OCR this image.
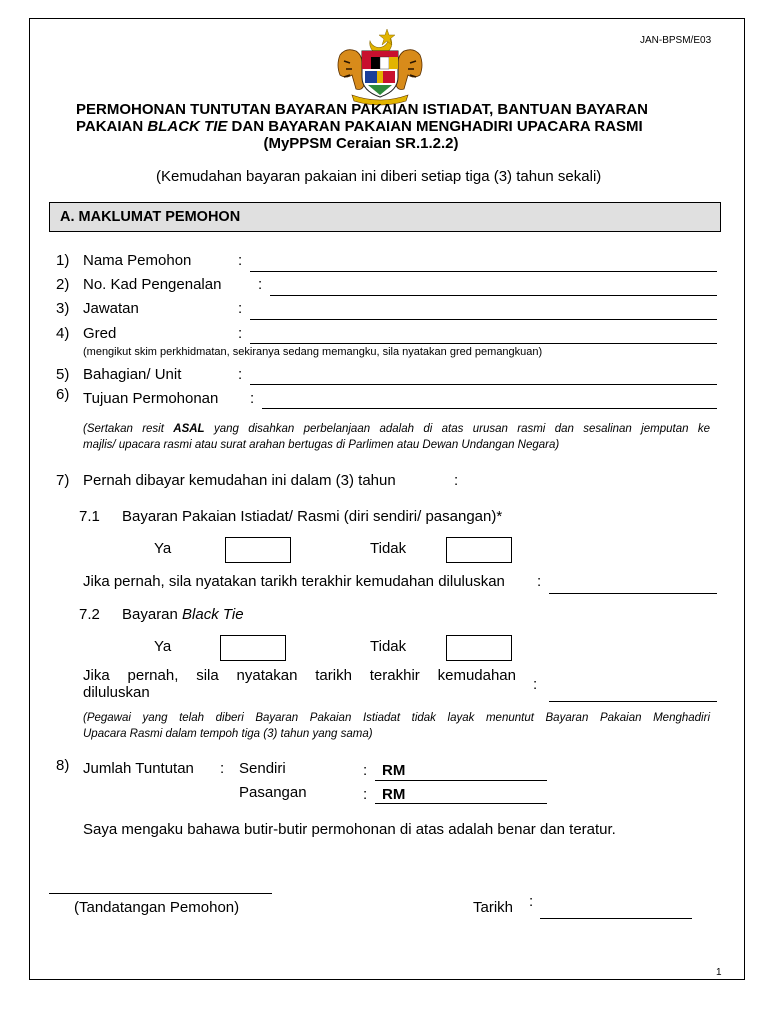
JAN-BPSM/E03
PERMOHONAN TUNTUTAN BAYARAN PAKAIAN ISTIADAT, BANTUAN BAYARAN
PAKAIAN BLACK TIE DAN BAYARAN PAKAIAN MENGHADIRI UPACARA RASMI

(MyPPSM Ceraian SR.1.2.2)
(Kemudahan bayaran pakaian ini diberi setiap tiga (3) tahun sekali)
A. MAKLUMAT PEMOHON
1) Nama Pemohon	:
2) No. Kad Pengenalan :
3) Jawatan	:
4) Gred	:
(mengikut skim perkhidmatan, sekiranya sedang memangku, sila nyatakan gred pemangkuan)
5) Bahagian/ Unit	:
6) Tujuan Permohonan :
(Sertakan resit ASAL yang disahkan perbelanjaan adalah di atas urusan rasmi dan sesalinan jemputan ke
majlis/ upacara rasmi atau surat arahan bertugas di Parlimen atau Dewan Undangan Negara)
7) Pernah dibayar kemudahan ini dalam (3) tahun	:
7.1 Bayaran Pakaian Istiadat/ Rasmi (diri sendiri/ pasangan)*
Ya	Tidak
Jika pernah, sila nyatakan tarikh terakhir kemudahan diluluskan :
7.2 Bayaran Black Tie
Ya	Tidak
Jika pernah, sila nyatakan tarikh terakhir kemudahan
diluluskan	:
(Pegawai yang telah diberi Bayaran Pakaian Istiadat tidak layak menuntut Bayaran Pakaian Menghadiri
Upacara Rasmi dalam tempoh tiga (3) tahun yang sama)
8) Jumlah Tuntutan : Sendiri	: RM
Pasangan	: RM
Saya mengaku bahawa butir-butir permohonan di atas adalah benar dan teratur.
(Tandatangan Pemohon)	Tarikh :
1
